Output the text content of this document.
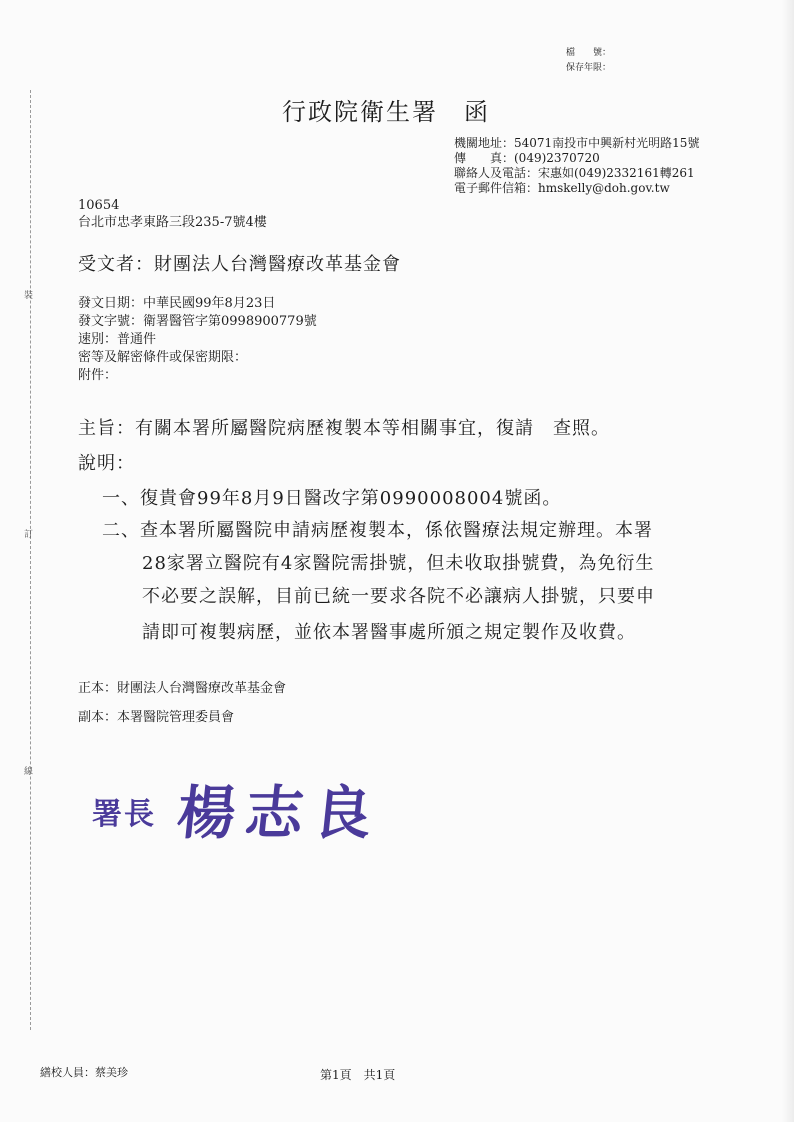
裝
訂
線
檔　　號：
保存年限：
行政院衛生署　函
機關地址：54071南投市中興新村光明路15號
傳　　真：(049)2370720
聯絡人及電話：宋惠如(049)2332161轉261
電子郵件信箱：hmskelly@doh.gov.tw
10654
台北市忠孝東路三段235-7號4樓
受文者：財團法人台灣醫療改革基金會
發文日期：中華民國99年8月23日
發文字號：衛署醫管字第0998900779號
速別：普通件
密等及解密條件或保密期限：
附件：
主旨：有關本署所屬醫院病歷複製本等相關事宜，復請　查照。
說明：
一、復貴會99年8月9日醫改字第0990008004號函。
二、查本署所屬醫院申請病歷複製本，係依醫療法規定辦理。本署
28家署立醫院有4家醫院需掛號，但未收取掛號費，為免衍生
不必要之誤解，目前已統一要求各院不必讓病人掛號，只要申
請即可複製病歷，並依本署醫事處所頒之規定製作及收費。
正本：財團法人台灣醫療改革基金會
副本：本署醫院管理委員會
署長 楊志良
繕校人員：蔡美珍	第1頁　共1頁
